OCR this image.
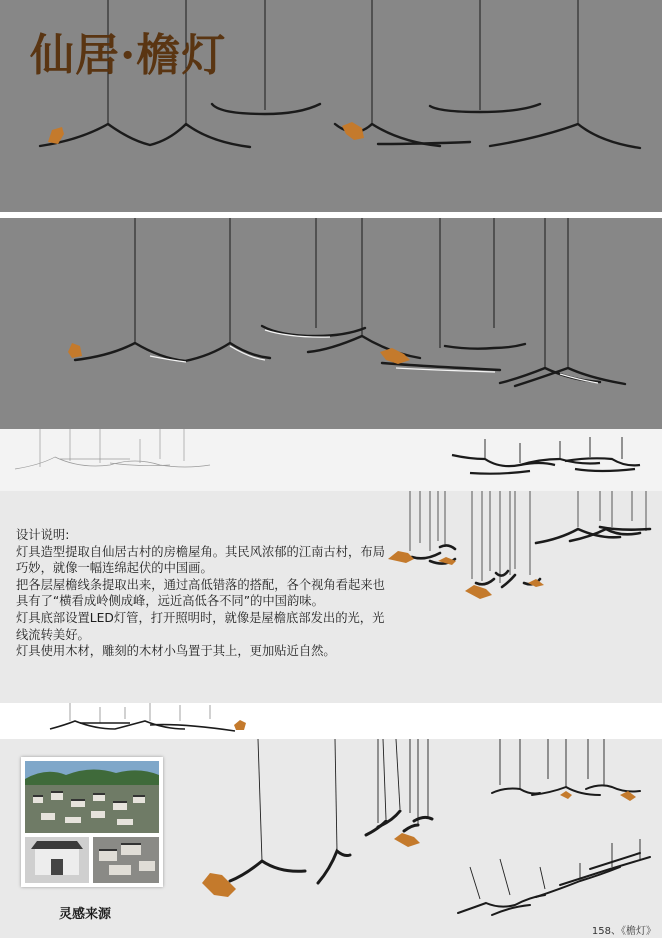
仙居·檐灯

设计说明:

灯具造型提取自仙居古村的房檐屋角。其民风浓郁的江南古村，布局巧妙，就像一幅连绵起伏的中国画。

把各层屋檐线条提取出来，通过高低错落的搭配，各个视角看起来也具有了“横看成岭侧成峰，远近高低各不同”的中国韵味。

灯具底部设置LED灯管，打开照明时，就像是屋檐底部发出的光，光线流转美好。

灯具使用木材，雕刻的木材小鸟置于其上，更加贴近自然。

灵感来源
158、《檐灯》
